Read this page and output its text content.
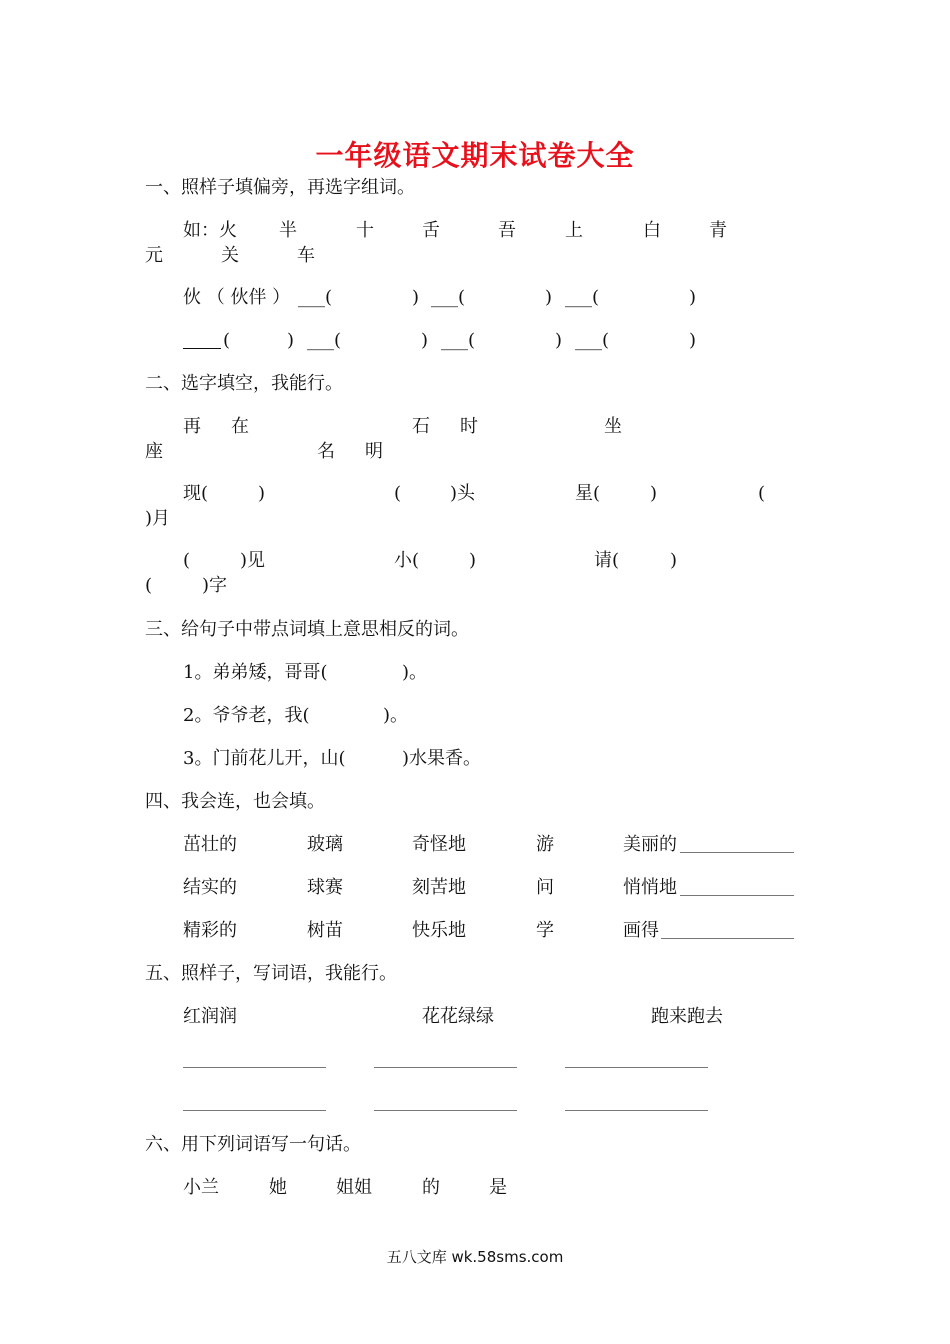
一年级语文期末试卷大全
一、照样子填偏旁，再选字组词。
如：火 半	十	舌	吾	上	白	青
元	关	车
伙 （ 伙伴 ） ___(	) ___(	) ___(	)
(	) ___(	) ___(	) ___(	)
二、选字填空，我能行。
再 在	石 时	坐
座	名 明
现(	)	(	)头	星(	)	(
)月
(	)见	小(	)	请(	)
(	)字
三、给句子中带点词填上意思相反的词。
1。弟弟矮，哥哥(	)。
2。爷爷老，我(	)。
3。门前花儿开，山(	)水果香。
四、我会连，也会填。
茁壮的	玻璃	奇怪地	游	美丽的
结实的	球赛	刻苦地	问	悄悄地
精彩的	树苗	快乐地	学	画得
五、照样子，写词语，我能行。
红润润	花花绿绿	跑来跑去
六、用下列词语写一句话。
小兰	她	姐姐	的	是
五八文库 wk.58sms.com
